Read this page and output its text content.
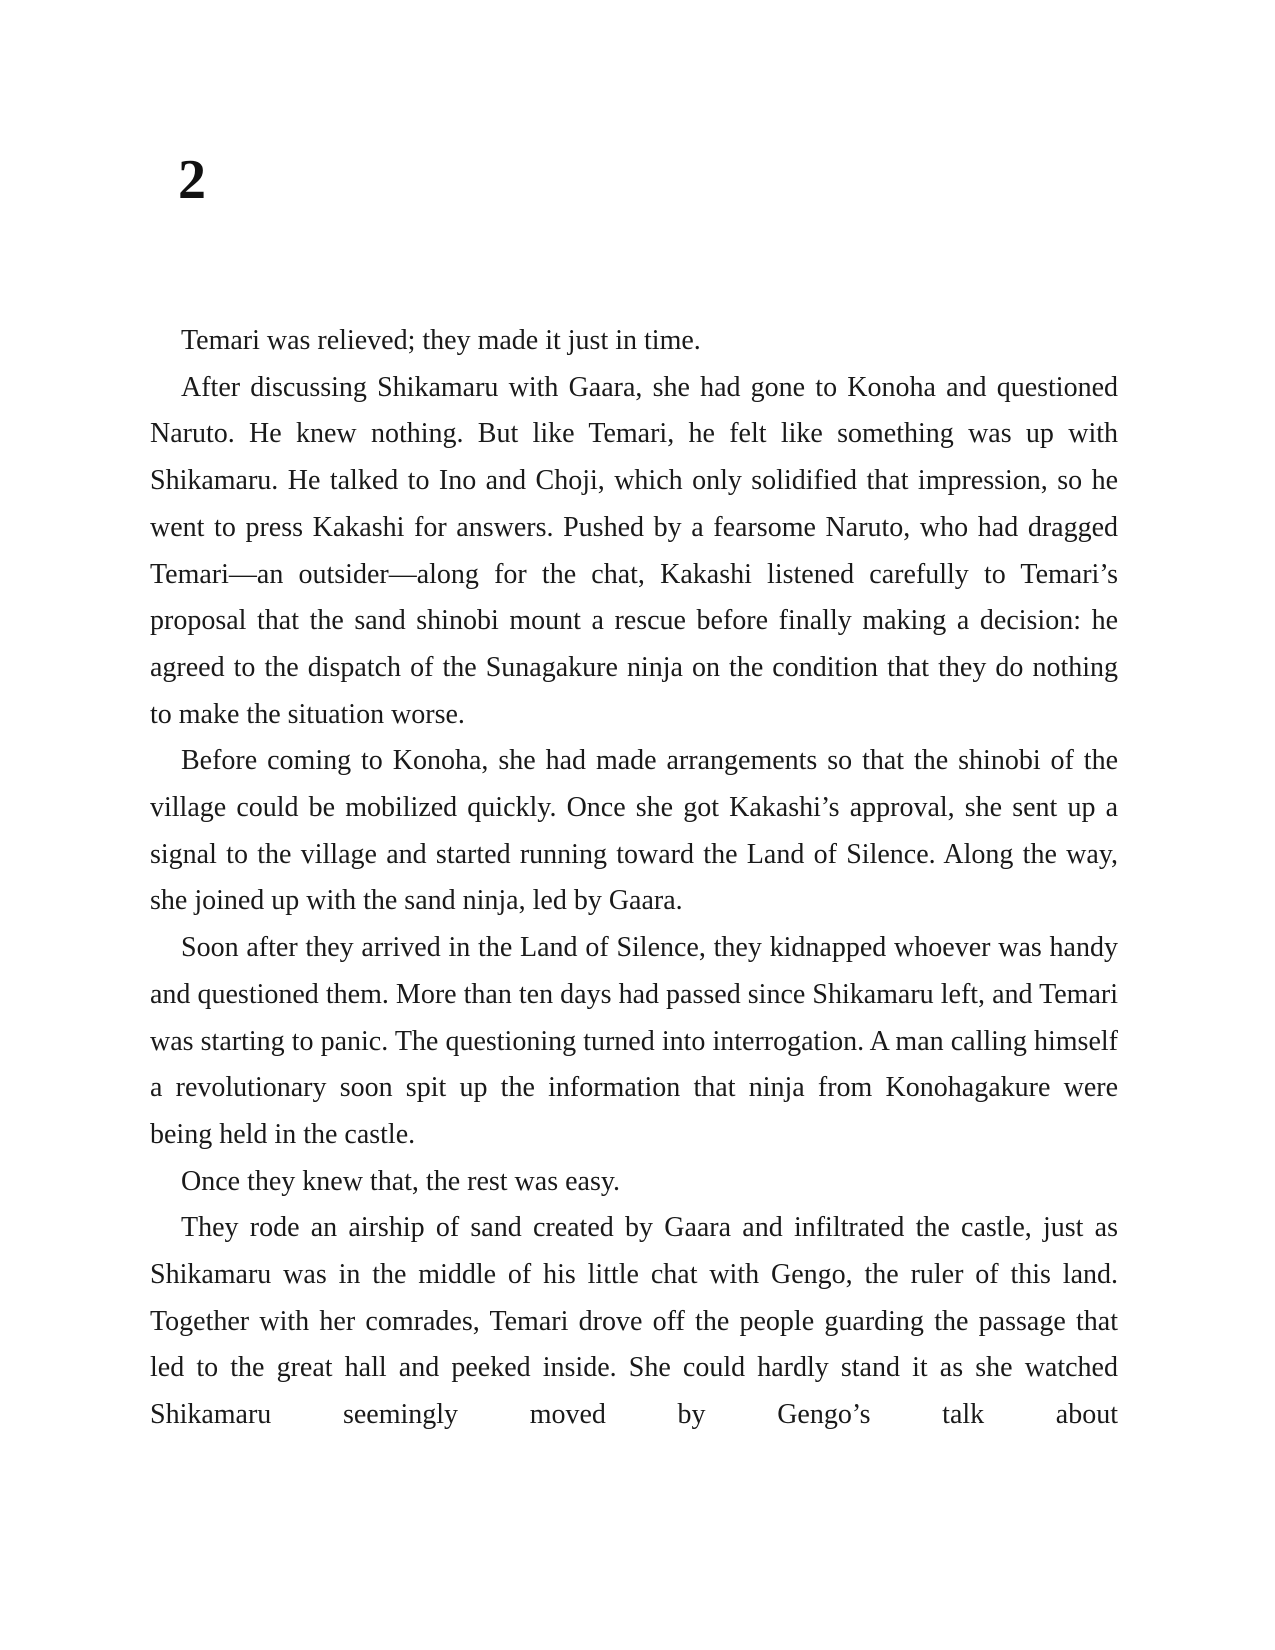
2

Temari was relieved; they made it just in time.

After discussing Shikamaru with Gaara, she had gone to Konoha and questioned Naruto. He knew nothing. But like Temari, he felt like something was up with Shikamaru. He talked to Ino and Choji, which only solidified that impression, so he went to press Kakashi for answers. Pushed by a fearsome Naruto, who had dragged Temari—an outsider—along for the chat, Kakashi listened carefully to Temari’s proposal that the sand shinobi mount a rescue before finally making a decision: he agreed to the dispatch of the Sunagakure ninja on the condition that they do nothing to make the situation worse.

Before coming to Konoha, she had made arrangements so that the shinobi of the village could be mobilized quickly. Once she got Kakashi’s approval, she sent up a signal to the village and started running toward the Land of Silence. Along the way, she joined up with the sand ninja, led by Gaara.

Soon after they arrived in the Land of Silence, they kidnapped whoever was handy and questioned them. More than ten days had passed since Shikamaru left, and Temari was starting to panic. The questioning turned into interrogation. A man calling himself a revolutionary soon spit up the information that ninja from Konohagakure were being held in the castle.

Once they knew that, the rest was easy.

They rode an airship of sand created by Gaara and infiltrated the castle, just as Shikamaru was in the middle of his little chat with Gengo, the ruler of this land. Together with her comrades, Temari drove off the people guarding the passage that led to the great hall and peeked inside. She could hardly stand it as she watched Shikamaru seemingly moved by Gengo’s talk about
